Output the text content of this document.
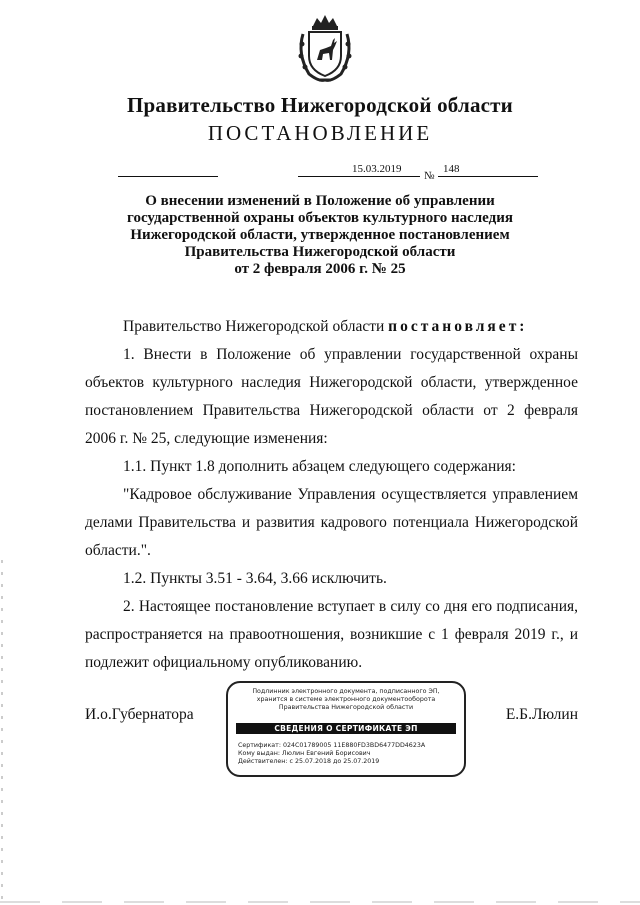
Правительство Нижегородской области
ПОСТАНОВЛЕНИЕ
15.03.2019
№
148
О внесении изменений в Положение об управлении
государственной охраны объектов культурного наследия
Нижегородской области, утвержденное постановлением
Правительства Нижегородской области
от 2 февраля 2006 г. № 25

Правительство Нижегородской области постановляет:

1. Внести в Положение об управлении государственной охраны объектов культурного наследия Нижегородской области, утвержденное постановлением Правительства Нижегородской области от 2 февраля 2006 г. № 25, следующие изменения:

1.1. Пункт 1.8 дополнить абзацем следующего содержания:

"Кадровое обслуживание Управления осуществляется управлением делами Правительства и развития кадрового потенциала Нижегородской области.".

1.2. Пункты 3.51 - 3.64, 3.66 исключить.

2. Настоящее постановление вступает в силу со дня его подписания, распространяется на правоотношения, возникшие с 1 февраля 2019 г., и подлежит официальному опубликованию.

И.о.Губернатора	Е.Б.Люлин
Подлинник электронного документа, подписанного ЭП,
хранится в системе электронного документооборота
Правительства Нижегородской области
СВЕДЕНИЯ О СЕРТИФИКАТЕ ЭП
Сертификат: 024C01789005 11E880FD3BD6477DD4623A
Кому выдан: Люлин Евгений Борисович
Действителен: с 25.07.2018 до 25.07.2019
